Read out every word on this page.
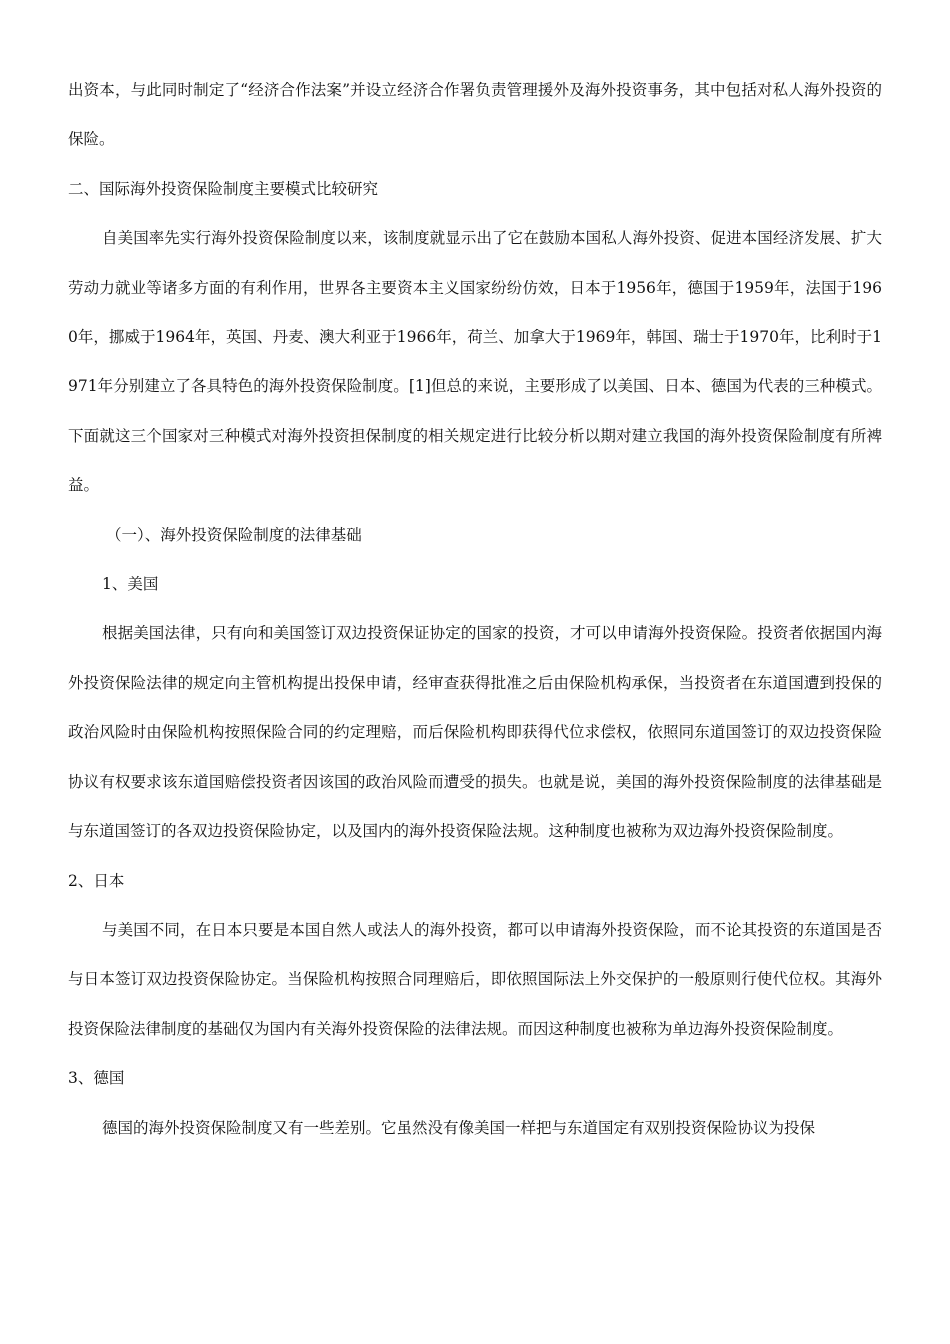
出资本，与此同时制定了“经济合作法案”并设立经济合作署负责管理援外及海外投资事务，其中包括对私人海外投资的保险。

二、国际海外投资保险制度主要模式比较研究

自美国率先实行海外投资保险制度以来，该制度就显示出了它在鼓励本国私人海外投资、促进本国经济发展、扩大劳动力就业等诸多方面的有利作用，世界各主要资本主义国家纷纷仿效，日本于1956年，德国于1959年，法国于1960年，挪威于1964年，英国、丹麦、澳大利亚于1966年，荷兰、加拿大于1969年，韩国、瑞士于1970年，比利时于1971年分别建立了各具特色的海外投资保险制度。[1]但总的来说，主要形成了以美国、日本、德国为代表的三种模式。下面就这三个国家对三种模式对海外投资担保制度的相关规定进行比较分析以期对建立我国的海外投资保险制度有所裨益。

（一）、海外投资保险制度的法律基础

1、美国

根据美国法律，只有向和美国签订双边投资保证协定的国家的投资，才可以申请海外投资保险。投资者依据国内海外投资保险法律的规定向主管机构提出投保申请，经审查获得批准之后由保险机构承保，当投资者在东道国遭到投保的政治风险时由保险机构按照保险合同的约定理赔，而后保险机构即获得代位求偿权，依照同东道国签订的双边投资保险协议有权要求该东道国赔偿投资者因该国的政治风险而遭受的损失。也就是说，美国的海外投资保险制度的法律基础是与东道国签订的各双边投资保险协定，以及国内的海外投资保险法规。这种制度也被称为双边海外投资保险制度。

2、日本

与美国不同，在日本只要是本国自然人或法人的海外投资，都可以申请海外投资保险，而不论其投资的东道国是否与日本签订双边投资保险协定。当保险机构按照合同理赔后，即依照国际法上外交保护的一般原则行使代位权。其海外投资保险法律制度的基础仅为国内有关海外投资保险的法律法规。而因这种制度也被称为单边海外投资保险制度。

3、德国

德国的海外投资保险制度又有一些差别。它虽然没有像美国一样把与东道国定有双别投资保险协议为投保
